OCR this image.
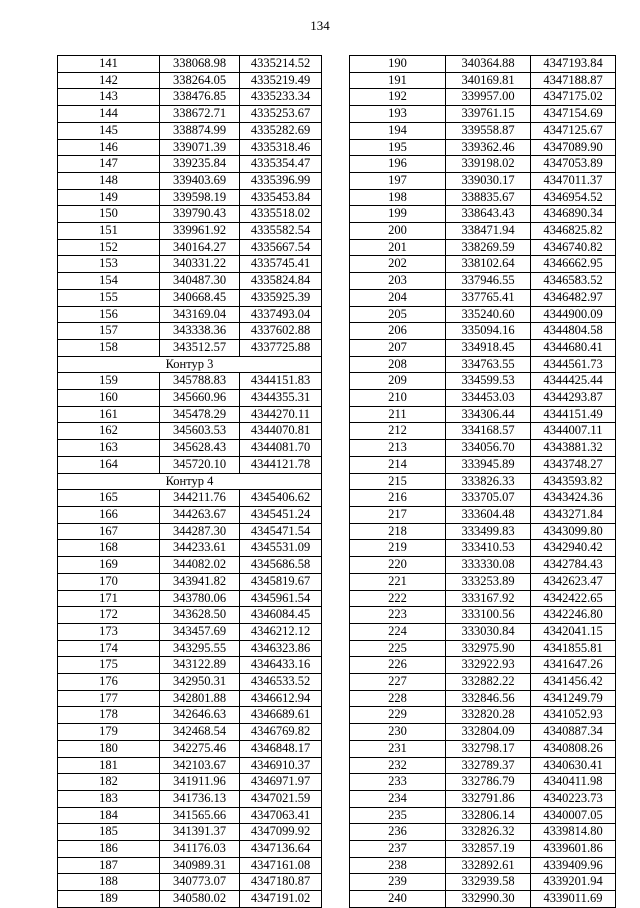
134
141	338068.98	4335214.52
142	338264.05	4335219.49
143	338476.85	4335233.34
144	338672.71	4335253.67
145	338874.99	4335282.69
146	339071.39	4335318.46
147	339235.84	4335354.47
148	339403.69	4335396.99
149	339598.19	4335453.84
150	339790.43	4335518.02
151	339961.92	4335582.54
152	340164.27	4335667.54
153	340331.22	4335745.41
154	340487.30	4335824.84
155	340668.45	4335925.39
156	343169.04	4337493.04
157	343338.36	4337602.88
158	343512.57	4337725.88
Контур 3		
159	345788.83	4344151.83
160	345660.96	4344355.31
161	345478.29	4344270.11
162	345603.53	4344070.81
163	345628.43	4344081.70
164	345720.10	4344121.78
Контур 4		
165	344211.76	4345406.62
166	344263.67	4345451.24
167	344287.30	4345471.54
168	344233.61	4345531.09
169	344082.02	4345686.58
170	343941.82	4345819.67
171	343780.06	4345961.54
172	343628.50	4346084.45
173	343457.69	4346212.12
174	343295.55	4346323.86
175	343122.89	4346433.16
176	342950.31	4346533.52
177	342801.88	4346612.94
178	342646.63	4346689.61
179	342468.54	4346769.82
180	342275.46	4346848.17
181	342103.67	4346910.37
182	341911.96	4346971.97
183	341736.13	4347021.59
184	341565.66	4347063.41
185	341391.37	4347099.92
186	341176.03	4347136.64
187	340989.31	4347161.08
188	340773.07	4347180.87
189	340580.02	4347191.02
190	340364.88	4347193.84
191	340169.81	4347188.87
192	339957.00	4347175.02
193	339761.15	4347154.69
194	339558.87	4347125.67
195	339362.46	4347089.90
196	339198.02	4347053.89
197	339030.17	4347011.37
198	338835.67	4346954.52
199	338643.43	4346890.34
200	338471.94	4346825.82
201	338269.59	4346740.82
202	338102.64	4346662.95
203	337946.55	4346583.52
204	337765.41	4346482.97
205	335240.60	4344900.09
206	335094.16	4344804.58
207	334918.45	4344680.41
208	334763.55	4344561.73
209	334599.53	4344425.44
210	334453.03	4344293.87
211	334306.44	4344151.49
212	334168.57	4344007.11
213	334056.70	4343881.32
214	333945.89	4343748.27
215	333826.33	4343593.82
216	333705.07	4343424.36
217	333604.48	4343271.84
218	333499.83	4343099.80
219	333410.53	4342940.42
220	333330.08	4342784.43
221	333253.89	4342623.47
222	333167.92	4342422.65
223	333100.56	4342246.80
224	333030.84	4342041.15
225	332975.90	4341855.81
226	332922.93	4341647.26
227	332882.22	4341456.42
228	332846.56	4341249.79
229	332820.28	4341052.93
230	332804.09	4340887.34
231	332798.17	4340808.26
232	332789.37	4340630.41
233	332786.79	4340411.98
234	332791.86	4340223.73
235	332806.14	4340007.05
236	332826.32	4339814.80
237	332857.19	4339601.86
238	332892.61	4339409.96
239	332939.58	4339201.94
240	332990.30	4339011.69
